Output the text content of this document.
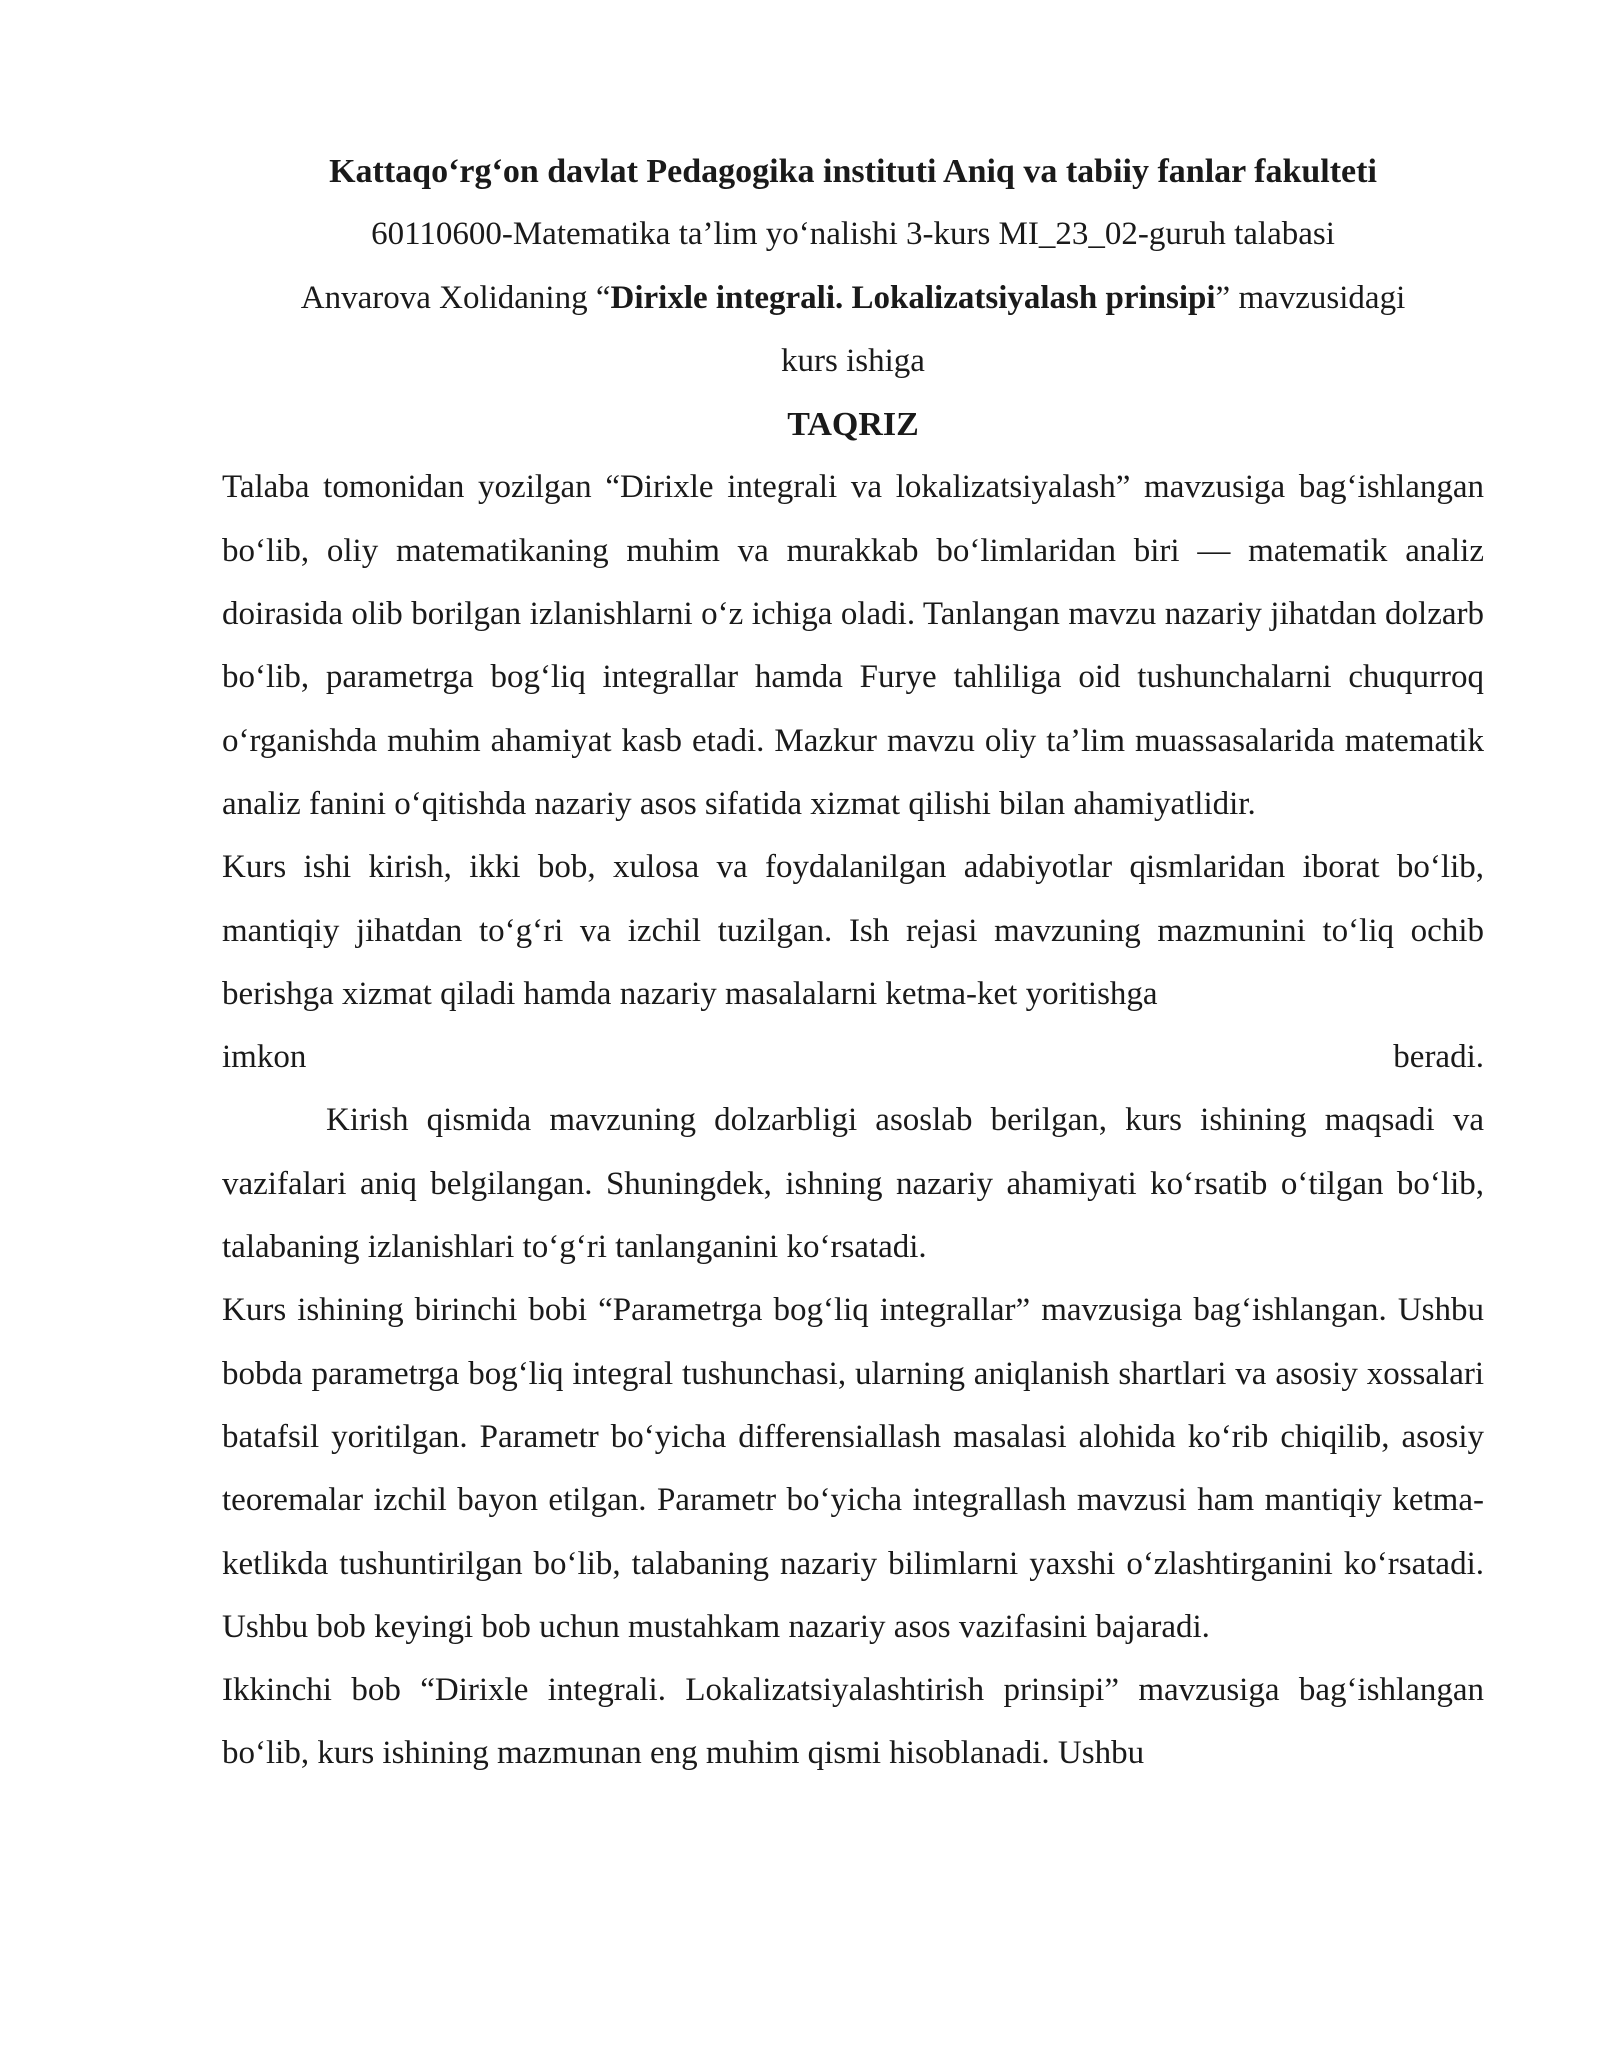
Kattaqo‘rg‘on davlat Pedagogika instituti Aniq va tabiiy fanlar fakulteti
60110600-Matematika ta’lim yo‘nalishi 3-kurs MI_23_02-guruh talabasi
Anvarova Xolidaning “Dirixle integrali. Lokalizatsiyalash prinsipi” mavzusidagi
kurs ishiga
TAQRIZ

Talaba tomonidan yozilgan “Dirixle integrali va lokalizatsiyalash” mavzusiga bag‘ishlangan bo‘lib, oliy matematikaning muhim va murakkab bo‘limlaridan biri — matematik analiz doirasida olib borilgan izlanishlarni o‘z ichiga oladi. Tanlangan mavzu nazariy jihatdan dolzarb bo‘lib, parametrga bog‘liq integrallar hamda Furye tahliliga oid tushunchalarni chuqurroq o‘rganishda muhim ahamiyat kasb etadi. Mazkur mavzu oliy ta’lim muassasalarida matematik analiz fanini o‘qitishda nazariy asos sifatida xizmat qilishi bilan ahamiyatlidir.

Kurs ishi kirish, ikki bob, xulosa va foydalanilgan adabiyotlar qismlaridan iborat bo‘lib, mantiqiy jihatdan to‘g‘ri va izchil tuzilgan. Ish rejasi mavzuning mazmunini to‘liq ochib berishga xizmat qiladi hamda nazariy masalalarni ketma-ket yoritishga

imkon	beradi.

Kirish qismida mavzuning dolzarbligi asoslab berilgan, kurs ishining maqsadi va vazifalari aniq belgilangan. Shuningdek, ishning nazariy ahamiyati ko‘rsatib o‘tilgan bo‘lib, talabaning izlanishlari to‘g‘ri tanlanganini ko‘rsatadi.

Kurs ishining birinchi bobi “Parametrga bog‘liq integrallar” mavzusiga bag‘ishlangan. Ushbu bobda parametrga bog‘liq integral tushunchasi, ularning aniqlanish shartlari va asosiy xossalari batafsil yoritilgan. Parametr bo‘yicha differensiallash masalasi alohida ko‘rib chiqilib, asosiy teoremalar izchil bayon etilgan. Parametr bo‘yicha integrallash mavzusi ham mantiqiy ketma-ketlikda tushuntirilgan bo‘lib, talabaning nazariy bilimlarni yaxshi o‘zlashtirganini ko‘rsatadi. Ushbu bob keyingi bob uchun mustahkam nazariy asos vazifasini bajaradi.

Ikkinchi bob “Dirixle integrali. Lokalizatsiyalashtirish prinsipi” mavzusiga bag‘ishlangan bo‘lib, kurs ishining mazmunan eng muhim qismi hisoblanadi. Ushbu
